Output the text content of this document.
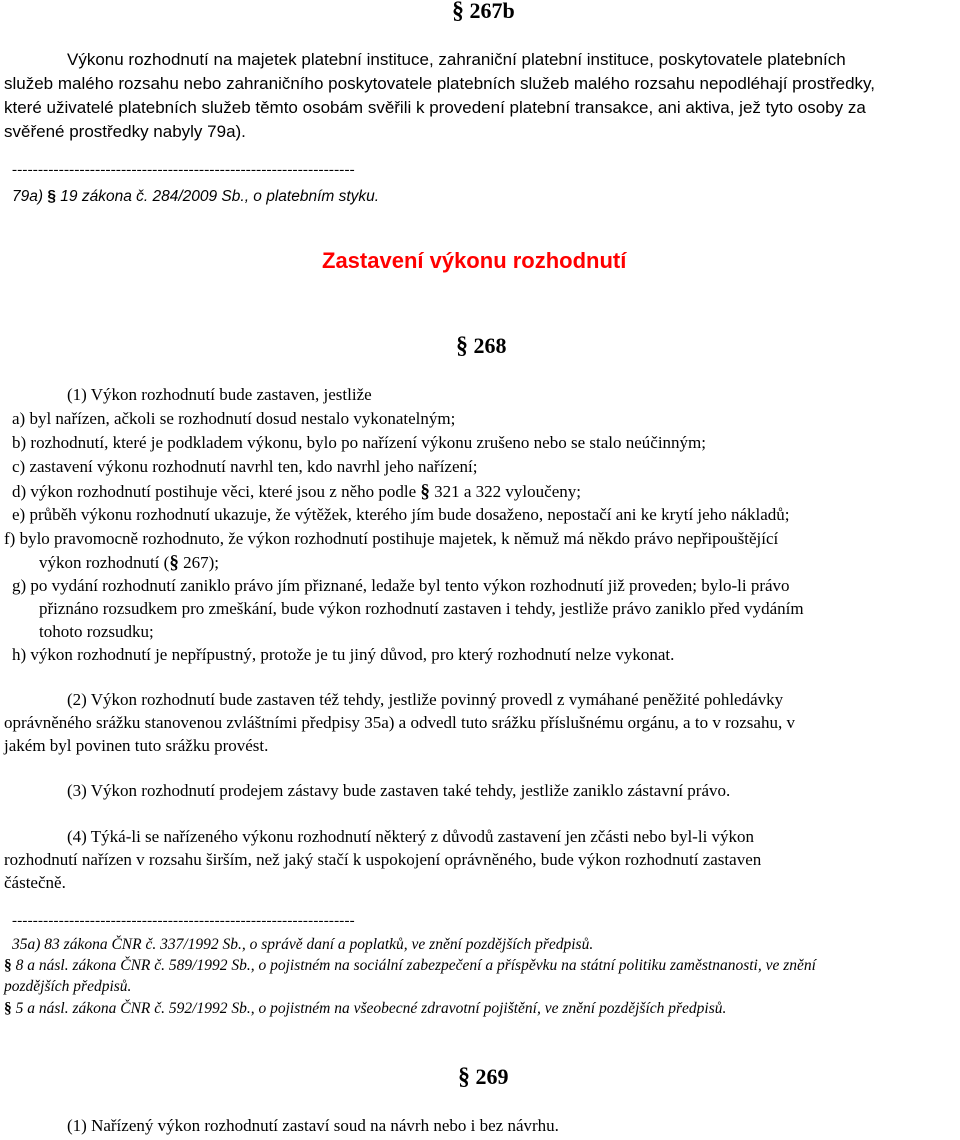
§ 267b
Výkonu rozhodnutí na majetek platební instituce, zahraniční platební instituce, poskytovatele platebních
služeb malého rozsahu nebo zahraničního poskytovatele platebních služeb malého rozsahu nepodléhají prostředky,
které uživatelé platebních služeb těmto osobám svěřili k provedení platební transakce, ani aktiva, jež tyto osoby za
svěřené prostředky nabyly 79a).
------------------------------------------------------------------
79a) § 19 zákona č. 284/2009 Sb., o platebním styku.
Zastavení výkonu rozhodnutí
§ 268
(1) Výkon rozhodnutí bude zastaven, jestliže
a) byl nařízen, ačkoli se rozhodnutí dosud nestalo vykonatelným;
b) rozhodnutí, které je podkladem výkonu, bylo po nařízení výkonu zrušeno nebo se stalo neúčinným;
c) zastavení výkonu rozhodnutí navrhl ten, kdo navrhl jeho nařízení;
d) výkon rozhodnutí postihuje věci, které jsou z něho podle § 321 a 322 vyloučeny;
e) průběh výkonu rozhodnutí ukazuje, že výtěžek, kterého jím bude dosaženo, nepostačí ani ke krytí jeho nákladů;
f) bylo pravomocně rozhodnuto, že výkon rozhodnutí postihuje majetek, k němuž má někdo právo nepřipouštějící
výkon rozhodnutí (§ 267);
g) po vydání rozhodnutí zaniklo právo jím přiznané, ledaže byl tento výkon rozhodnutí již proveden; bylo-li právo
přiznáno rozsudkem pro zmeškání, bude výkon rozhodnutí zastaven i tehdy, jestliže právo zaniklo před vydáním
tohoto rozsudku;
h) výkon rozhodnutí je nepřípustný, protože je tu jiný důvod, pro který rozhodnutí nelze vykonat.
(2) Výkon rozhodnutí bude zastaven též tehdy, jestliže povinný provedl z vymáhané peněžité pohledávky
oprávněného srážku stanovenou zvláštními předpisy 35a) a odvedl tuto srážku příslušnému orgánu, a to v rozsahu, v
jakém byl povinen tuto srážku provést.
(3) Výkon rozhodnutí prodejem zástavy bude zastaven také tehdy, jestliže zaniklo zástavní právo.
(4) Týká-li se nařízeného výkonu rozhodnutí některý z důvodů zastavení jen zčásti nebo byl-li výkon
rozhodnutí nařízen v rozsahu širším, než jaký stačí k uspokojení oprávněného, bude výkon rozhodnutí zastaven
částečně.
------------------------------------------------------------------
35a) 83 zákona ČNR č. 337/1992 Sb., o správě daní a poplatků, ve znění pozdějších předpisů.
§ 8 a násl. zákona ČNR č. 589/1992 Sb., o pojistném na sociální zabezpečení a příspěvku na státní politiku zaměstnanosti, ve znění
pozdějších předpisů.
§ 5 a násl. zákona ČNR č. 592/1992 Sb., o pojistném na všeobecné zdravotní pojištění, ve znění pozdějších předpisů.
§ 269
(1) Nařízený výkon rozhodnutí zastaví soud na návrh nebo i bez návrhu.
